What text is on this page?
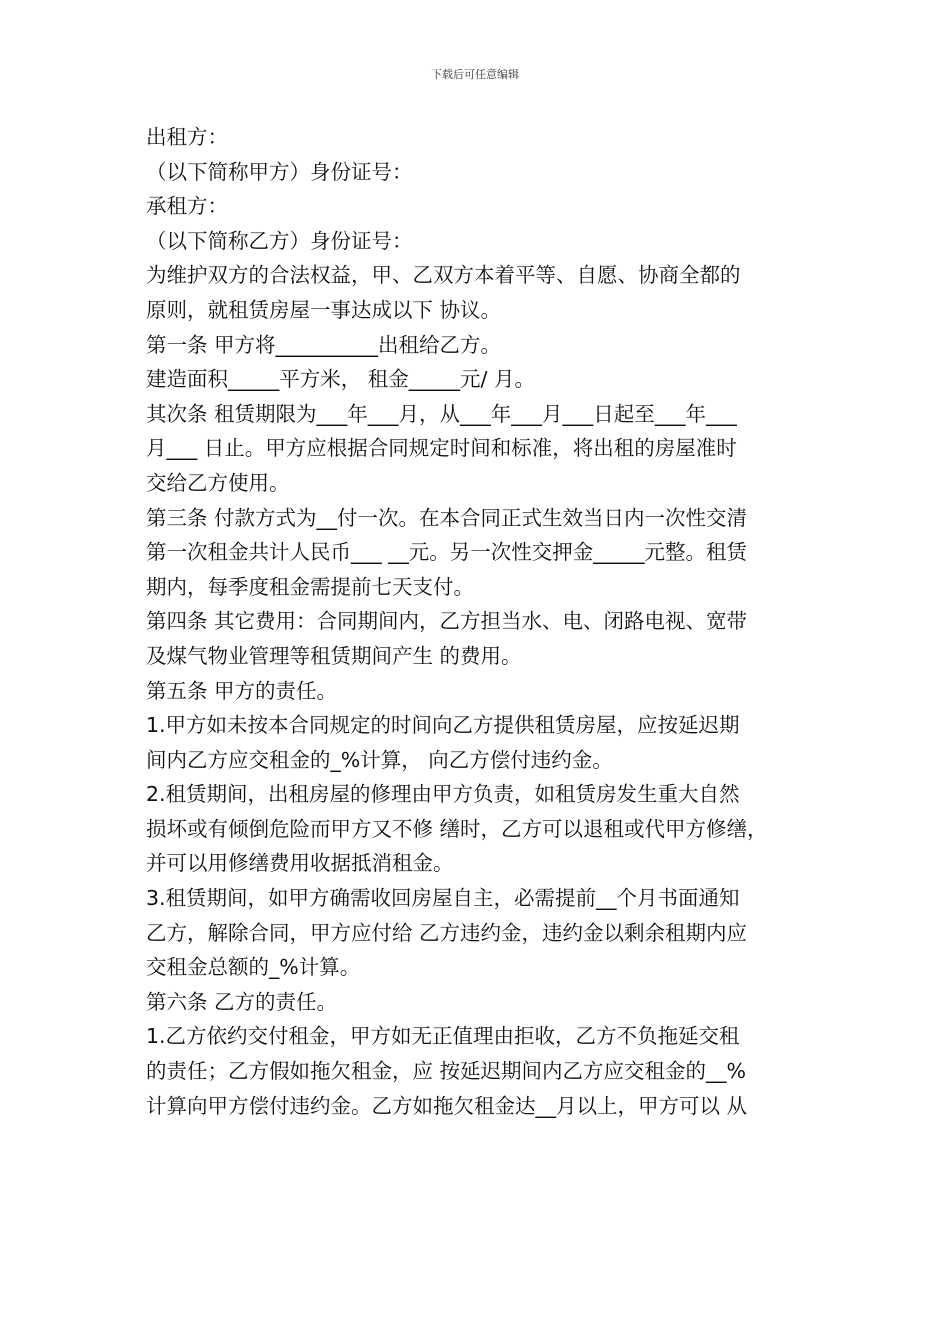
下载后可任意编辑
出租方：
（以下简称甲方）身份证号：
承租方：
（以下简称乙方）身份证号：
为维护双方的合法权益，甲、乙双方本着平等、自愿、协商全都的
原则，就租赁房屋一事达成以下 协议。
第一条 甲方将__________出租给乙方。
建造面积_____平方米， 租金_____元/ 月。
其次条 租赁期限为___年___月，从___年___月___日起至___年___
月___ 日止。甲方应根据合同规定时间和标准，将出租的房屋准时
交给乙方使用。
第三条 付款方式为__付一次。在本合同正式生效当日内一次性交清
第一次租金共计人民币___ __元。另一次性交押金_____元整。租赁
期内，每季度租金需提前七天支付。
第四条 其它费用：合同期间内，乙方担当水、电、闭路电视、宽带
及煤气物业管理等租赁期间产生 的费用。
第五条 甲方的责任。
1.甲方如未按本合同规定的时间向乙方提供租赁房屋，应按延迟期
间内乙方应交租金的_%计算， 向乙方偿付违约金。
2.租赁期间，出租房屋的修理由甲方负责，如租赁房发生重大自然
损坏或有倾倒危险而甲方又不修 缮时，乙方可以退租或代甲方修缮，
并可以用修缮费用收据抵消租金。
3.租赁期间，如甲方确需收回房屋自主，必需提前__个月书面通知
乙方，解除合同，甲方应付给 乙方违约金，违约金以剩余租期内应
交租金总额的_%计算。
第六条 乙方的责任。
1.乙方依约交付租金，甲方如无正值理由拒收，乙方不负拖延交租
的责任；乙方假如拖欠租金，应 按延迟期间内乙方应交租金的__%
计算向甲方偿付违约金。乙方如拖欠租金达__月以上，甲方可以 从
